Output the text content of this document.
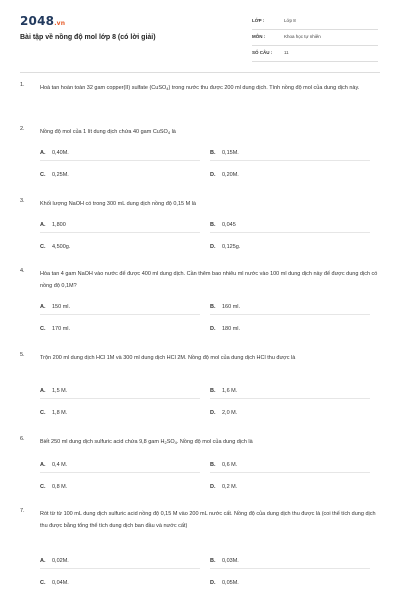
2048.vn
Bài tập về nồng độ mol lớp 8 (có lời giải)
LỚP :	Lớp 8
MÔN :	Khoa học tự nhiên
SỐ CÂU :	11
1.	Hoà tan hoàn toàn 32 gam copper(II) sulfate (CuSO$_4$) trong nước thu được 200 ml dung dịch. Tính nồng độ mol của dung dịch này.
2.	Nồng độ mol của 1 lít dung dịch chứa 40 gam CuSO$_4$ là
A. 0,40M.	B. 0,15M.
C. 0,25M.	D. 0,20M.
3.	Khối lượng NaOH có trong 300 mL dung dịch nồng độ 0,15 M là
A. 1,800	B. 0,045
C. 4,500g.	D. 0,125g.
4.	Hòa tan 4 gam NaOH vào nước để được 400 ml dung dịch. Cần thêm bao nhiêu ml nước vào 100 ml dung dịch này để được dung dịch có nồng độ 0,1M?
A. 150 ml.	B. 160 ml.
C. 170 ml.	D. 180 ml.
5.	Trộn 200 ml dung dịch HCl 1M và 300 ml dung dịch HCl 2M. Nồng độ mol của dung dịch HCl thu được là
A. 1,5 M.	B. 1,6 M.
C. 1,8 M.	D. 2,0 M.
6.	Biết 250 ml dung dịch sulfuric acid chứa 9,8 gam $H_2SO_4$. Nồng độ mol của dung dịch là
A. 0,4 M.	B. 0,6 M.
C. 0,8 M.	D. 0,2 M.
7.	Rót từ từ 100 mL dung dịch sulfuric acid nồng độ 0,15 M vào 200 mL nước cất. Nồng độ của dung dịch thu được là (coi thể tích dung dịch thu được bằng tổng thể tích dung dịch ban đầu và nước cất)
A. 0,02M.	B. 0,03M.
C. 0,04M.	D. 0,05M.
